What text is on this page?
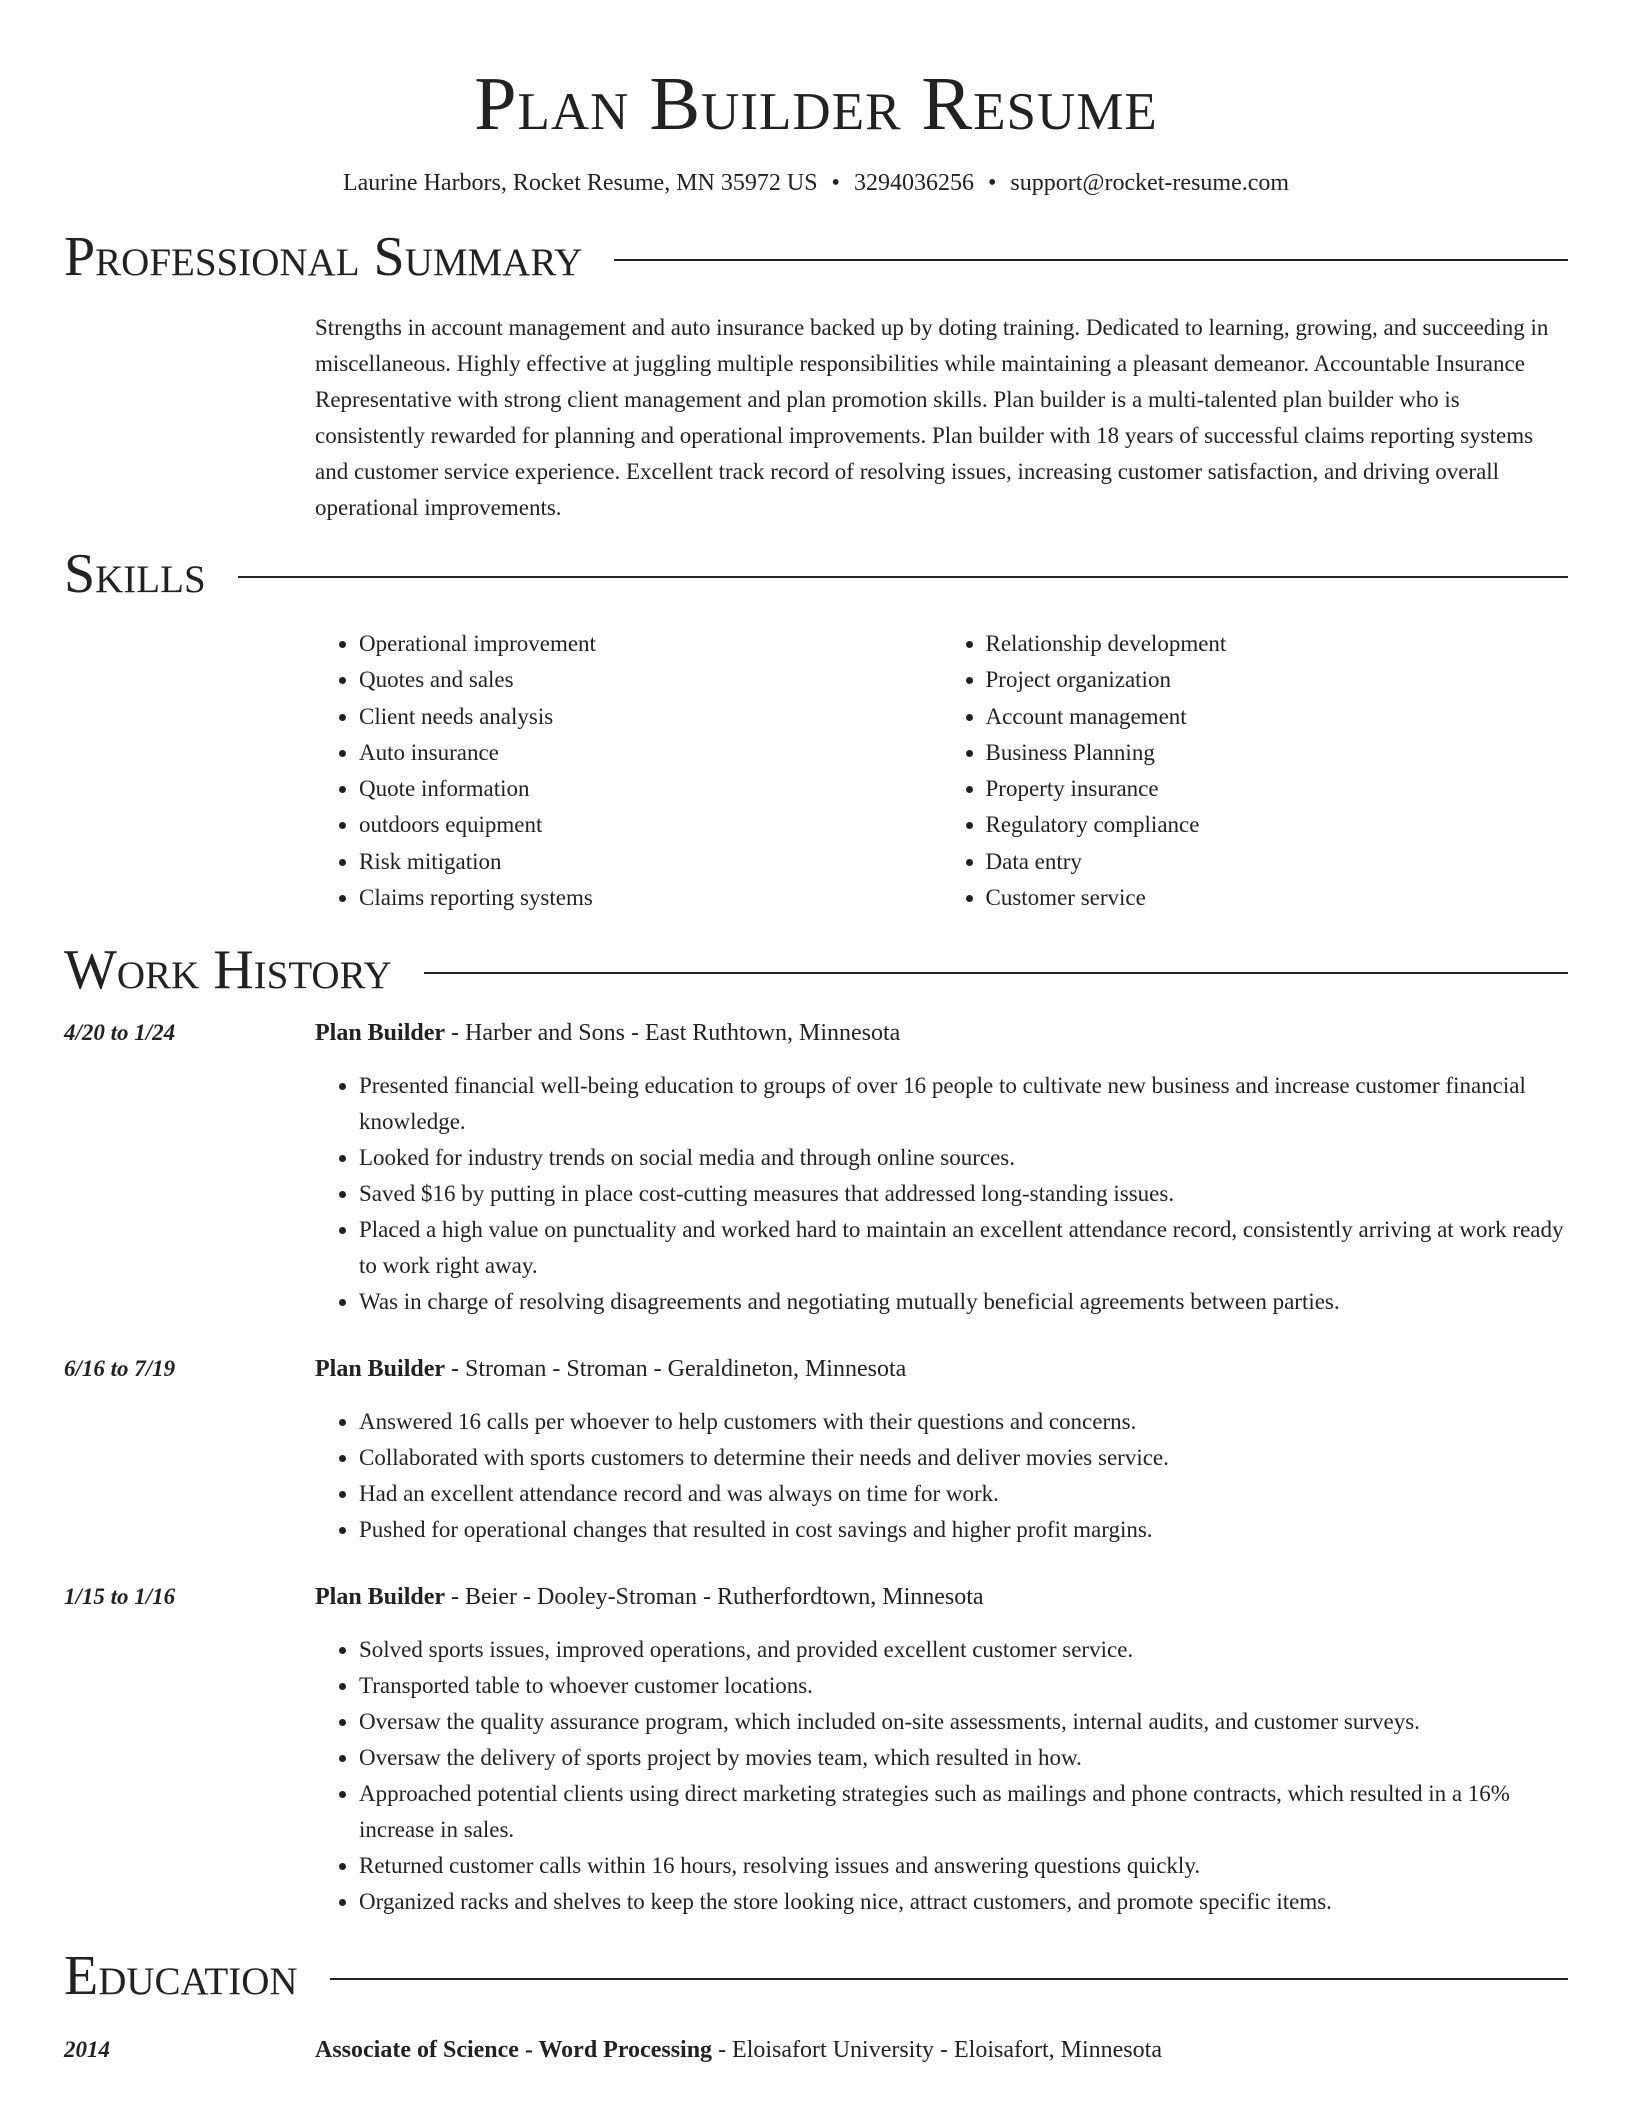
Plan Builder Resume
Laurine Harbors, Rocket Resume, MN 35972 US • 3294036256 • support@rocket-resume.com
Professional Summary

Strengths in account management and auto insurance backed up by doting training. Dedicated to learning, growing, and succeeding in miscellaneous. Highly effective at juggling multiple responsibilities while maintaining a pleasant demeanor. Accountable Insurance Representative with strong client management and plan promotion skills. Plan builder is a multi-talented plan builder who is consistently rewarded for planning and operational improvements. Plan builder with 18 years of successful claims reporting systems and customer service experience. Excellent track record of resolving issues, increasing customer satisfaction, and driving overall operational improvements.

Skills
• Operational improvement
• Quotes and sales
• Client needs analysis
• Auto insurance
• Quote information
• outdoors equipment
• Risk mitigation
• Claims reporting systems
• Relationship development
• Project organization
• Account management
• Business Planning
• Property insurance
• Regulatory compliance
• Data entry
• Customer service
Work History
4/20 to 1/24	Plan Builder - Harber and Sons - East Ruthtown, Minnesota
• Presented financial well-being education to groups of over 16 people to cultivate new business and increase customer financial knowledge.
• Looked for industry trends on social media and through online sources.
• Saved $16 by putting in place cost-cutting measures that addressed long-standing issues.
• Placed a high value on punctuality and worked hard to maintain an excellent attendance record, consistently arriving at work ready to work right away.
• Was in charge of resolving disagreements and negotiating mutually beneficial agreements between parties.
6/16 to 7/19	Plan Builder - Stroman - Stroman - Geraldineton, Minnesota
• Answered 16 calls per whoever to help customers with their questions and concerns.
• Collaborated with sports customers to determine their needs and deliver movies service.
• Had an excellent attendance record and was always on time for work.
• Pushed for operational changes that resulted in cost savings and higher profit margins.
1/15 to 1/16	Plan Builder - Beier - Dooley-Stroman - Rutherfordtown, Minnesota
• Solved sports issues, improved operations, and provided excellent customer service.
• Transported table to whoever customer locations.
• Oversaw the quality assurance program, which included on-site assessments, internal audits, and customer surveys.
• Oversaw the delivery of sports project by movies team, which resulted in how.
• Approached potential clients using direct marketing strategies such as mailings and phone contracts, which resulted in a 16% increase in sales.
• Returned customer calls within 16 hours, resolving issues and answering questions quickly.
• Organized racks and shelves to keep the store looking nice, attract customers, and promote specific items.
Education
2014	Associate of Science - Word Processing - Eloisafort University - Eloisafort, Minnesota
